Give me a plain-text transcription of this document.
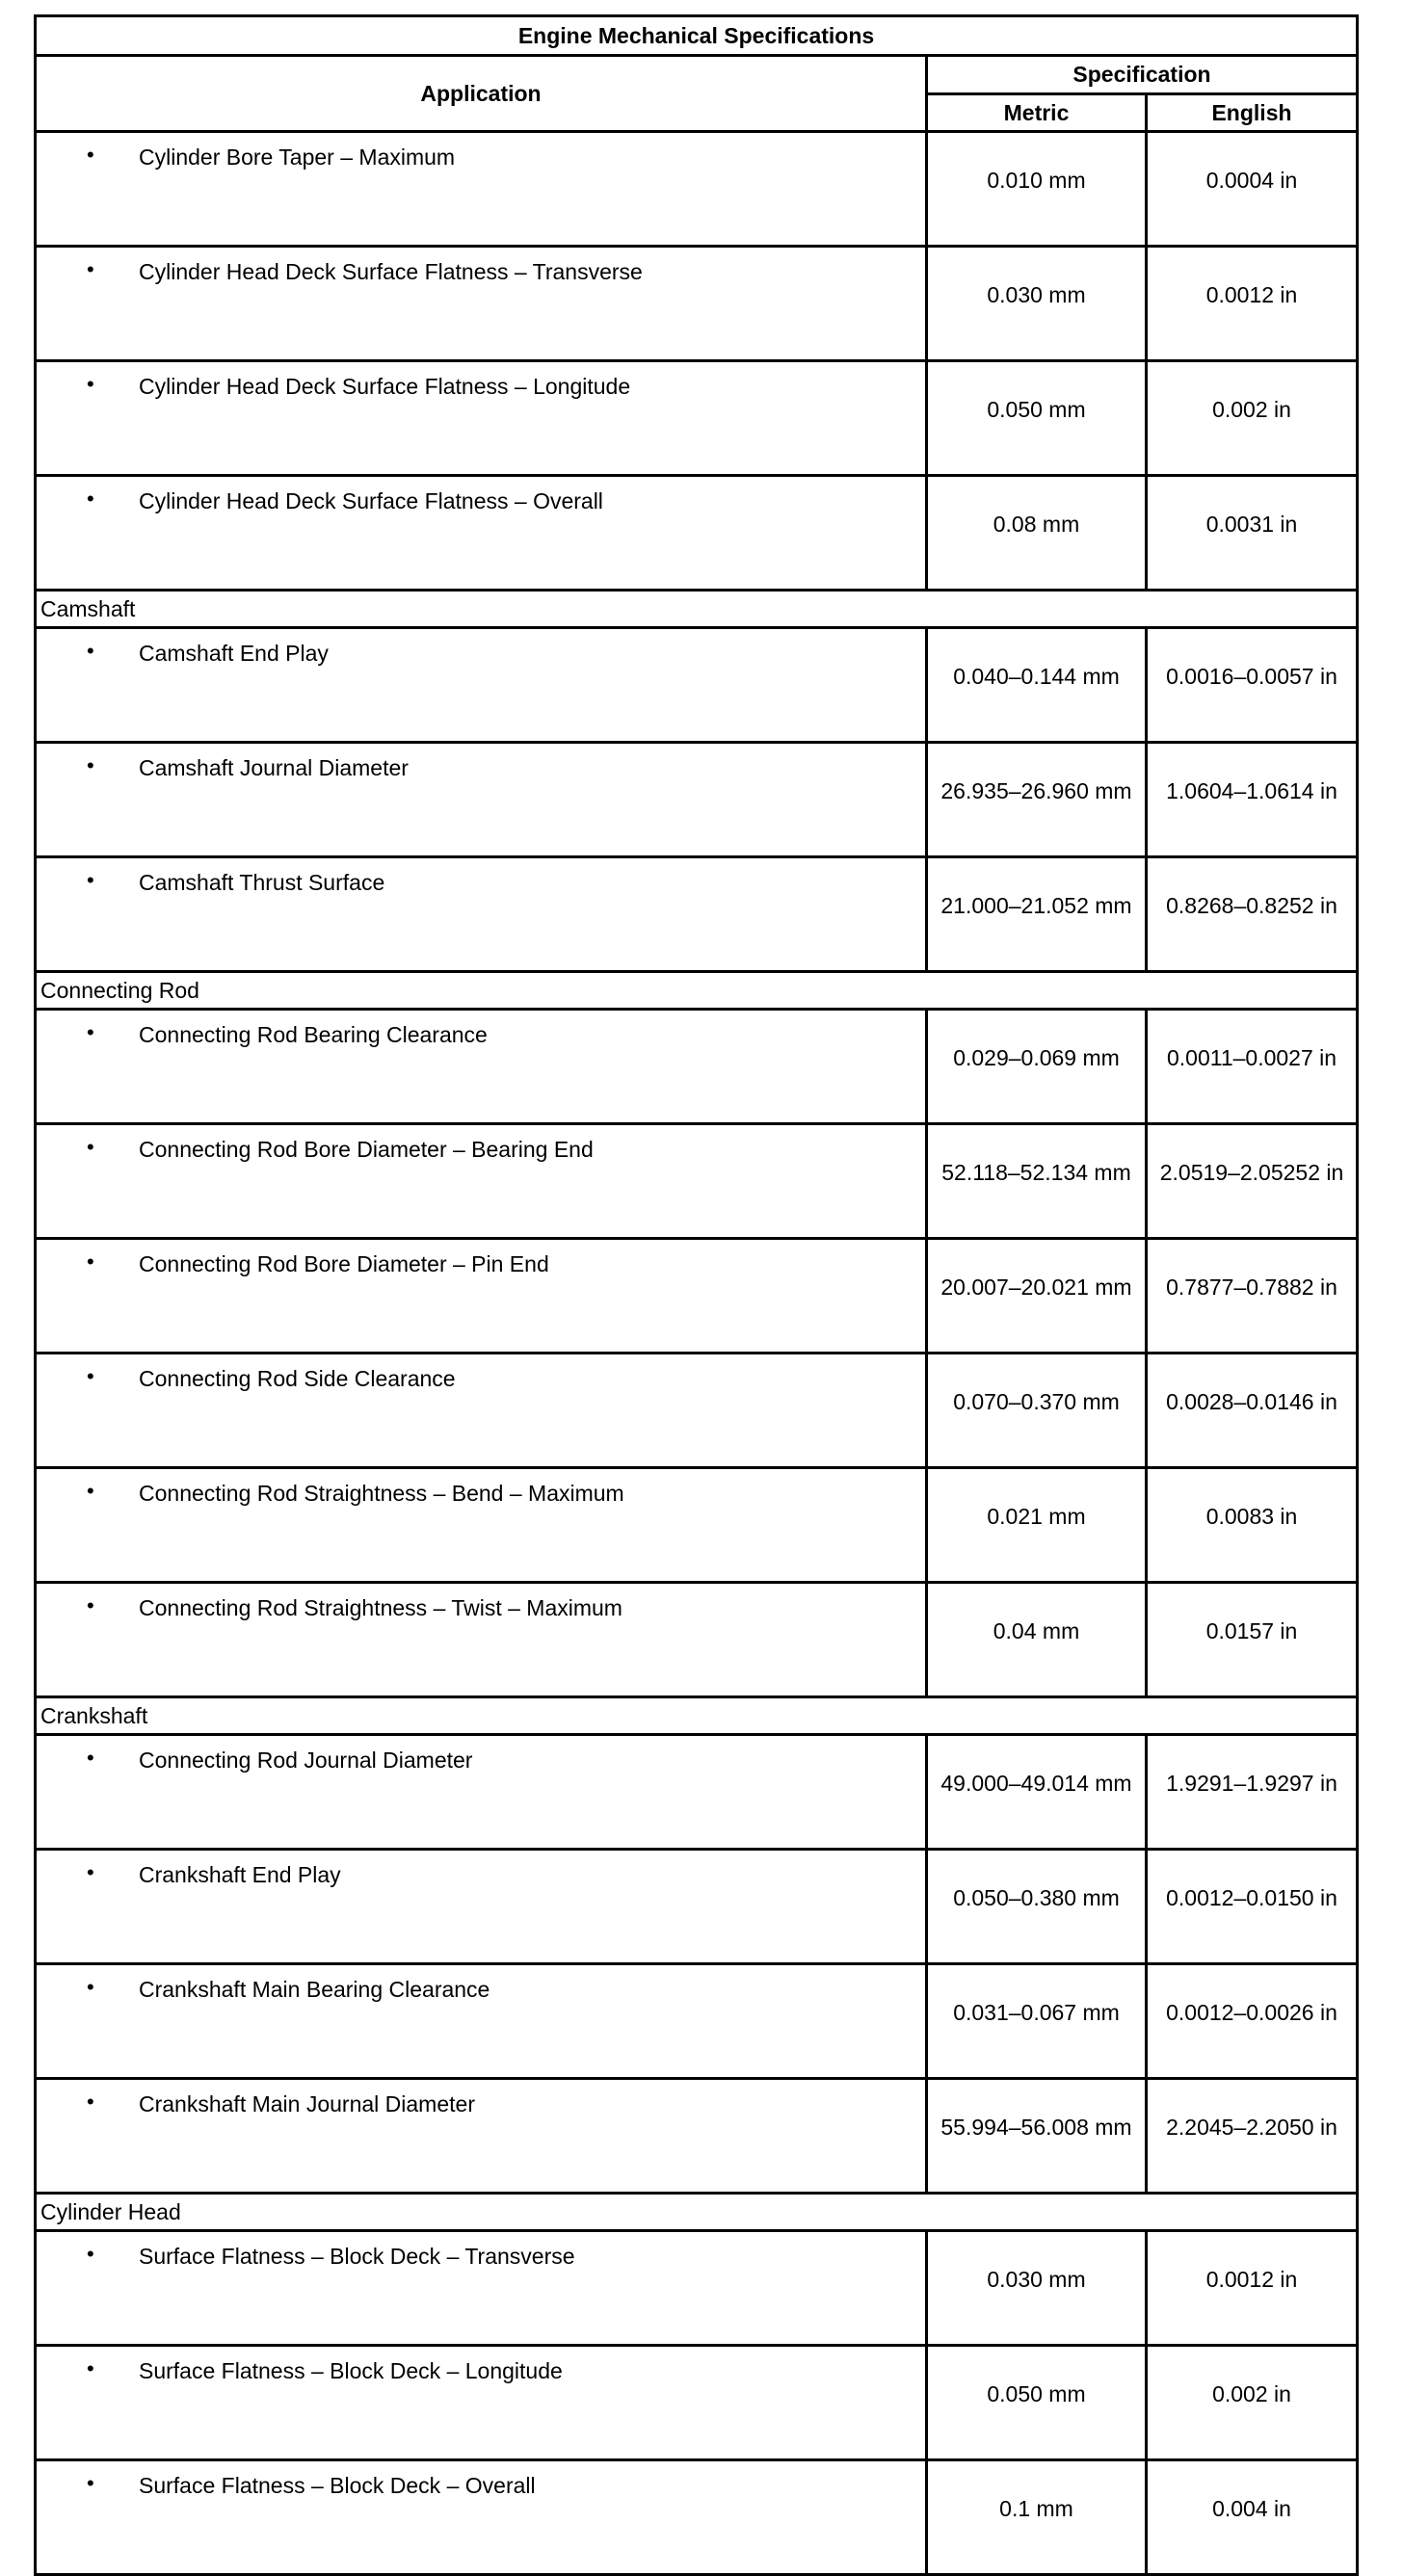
Engine Mechanical Specifications		
Application	Specification	
	Metric	English

• Cylinder Bore Taper – Maximum	0.010 mm	0.0004 in

• Cylinder Head Deck Surface Flatness – Transverse	0.030 mm	0.0012 in

• Cylinder Head Deck Surface Flatness – Longitude	0.050 mm	0.002 in

• Cylinder Head Deck Surface Flatness – Overall	0.08 mm	0.0031 in
Camshaft		

• Camshaft End Play	0.040–0.144 mm	0.0016–0.0057 in

• Camshaft Journal Diameter	26.935–26.960 mm	1.0604–1.0614 in

• Camshaft Thrust Surface	21.000–21.052 mm	0.8268–0.8252 in
Connecting Rod		

• Connecting Rod Bearing Clearance	0.029–0.069 mm	0.0011–0.0027 in

• Connecting Rod Bore Diameter – Bearing End	52.118–52.134 mm	2.0519–2.05252 in

• Connecting Rod Bore Diameter – Pin End	20.007–20.021 mm	0.7877–0.7882 in

• Connecting Rod Side Clearance	0.070–0.370 mm	0.0028–0.0146 in

• Connecting Rod Straightness – Bend – Maximum	0.021 mm	0.0083 in

• Connecting Rod Straightness – Twist – Maximum	0.04 mm	0.0157 in
Crankshaft		

• Connecting Rod Journal Diameter	49.000–49.014 mm	1.9291–1.9297 in

• Crankshaft End Play	0.050–0.380 mm	0.0012–0.0150 in

• Crankshaft Main Bearing Clearance	0.031–0.067 mm	0.0012–0.0026 in

• Crankshaft Main Journal Diameter	55.994–56.008 mm	2.2045–2.2050 in
Cylinder Head		

• Surface Flatness – Block Deck – Transverse	0.030 mm	0.0012 in

• Surface Flatness – Block Deck – Longitude	0.050 mm	0.002 in

• Surface Flatness – Block Deck – Overall	0.1 mm	0.004 in
